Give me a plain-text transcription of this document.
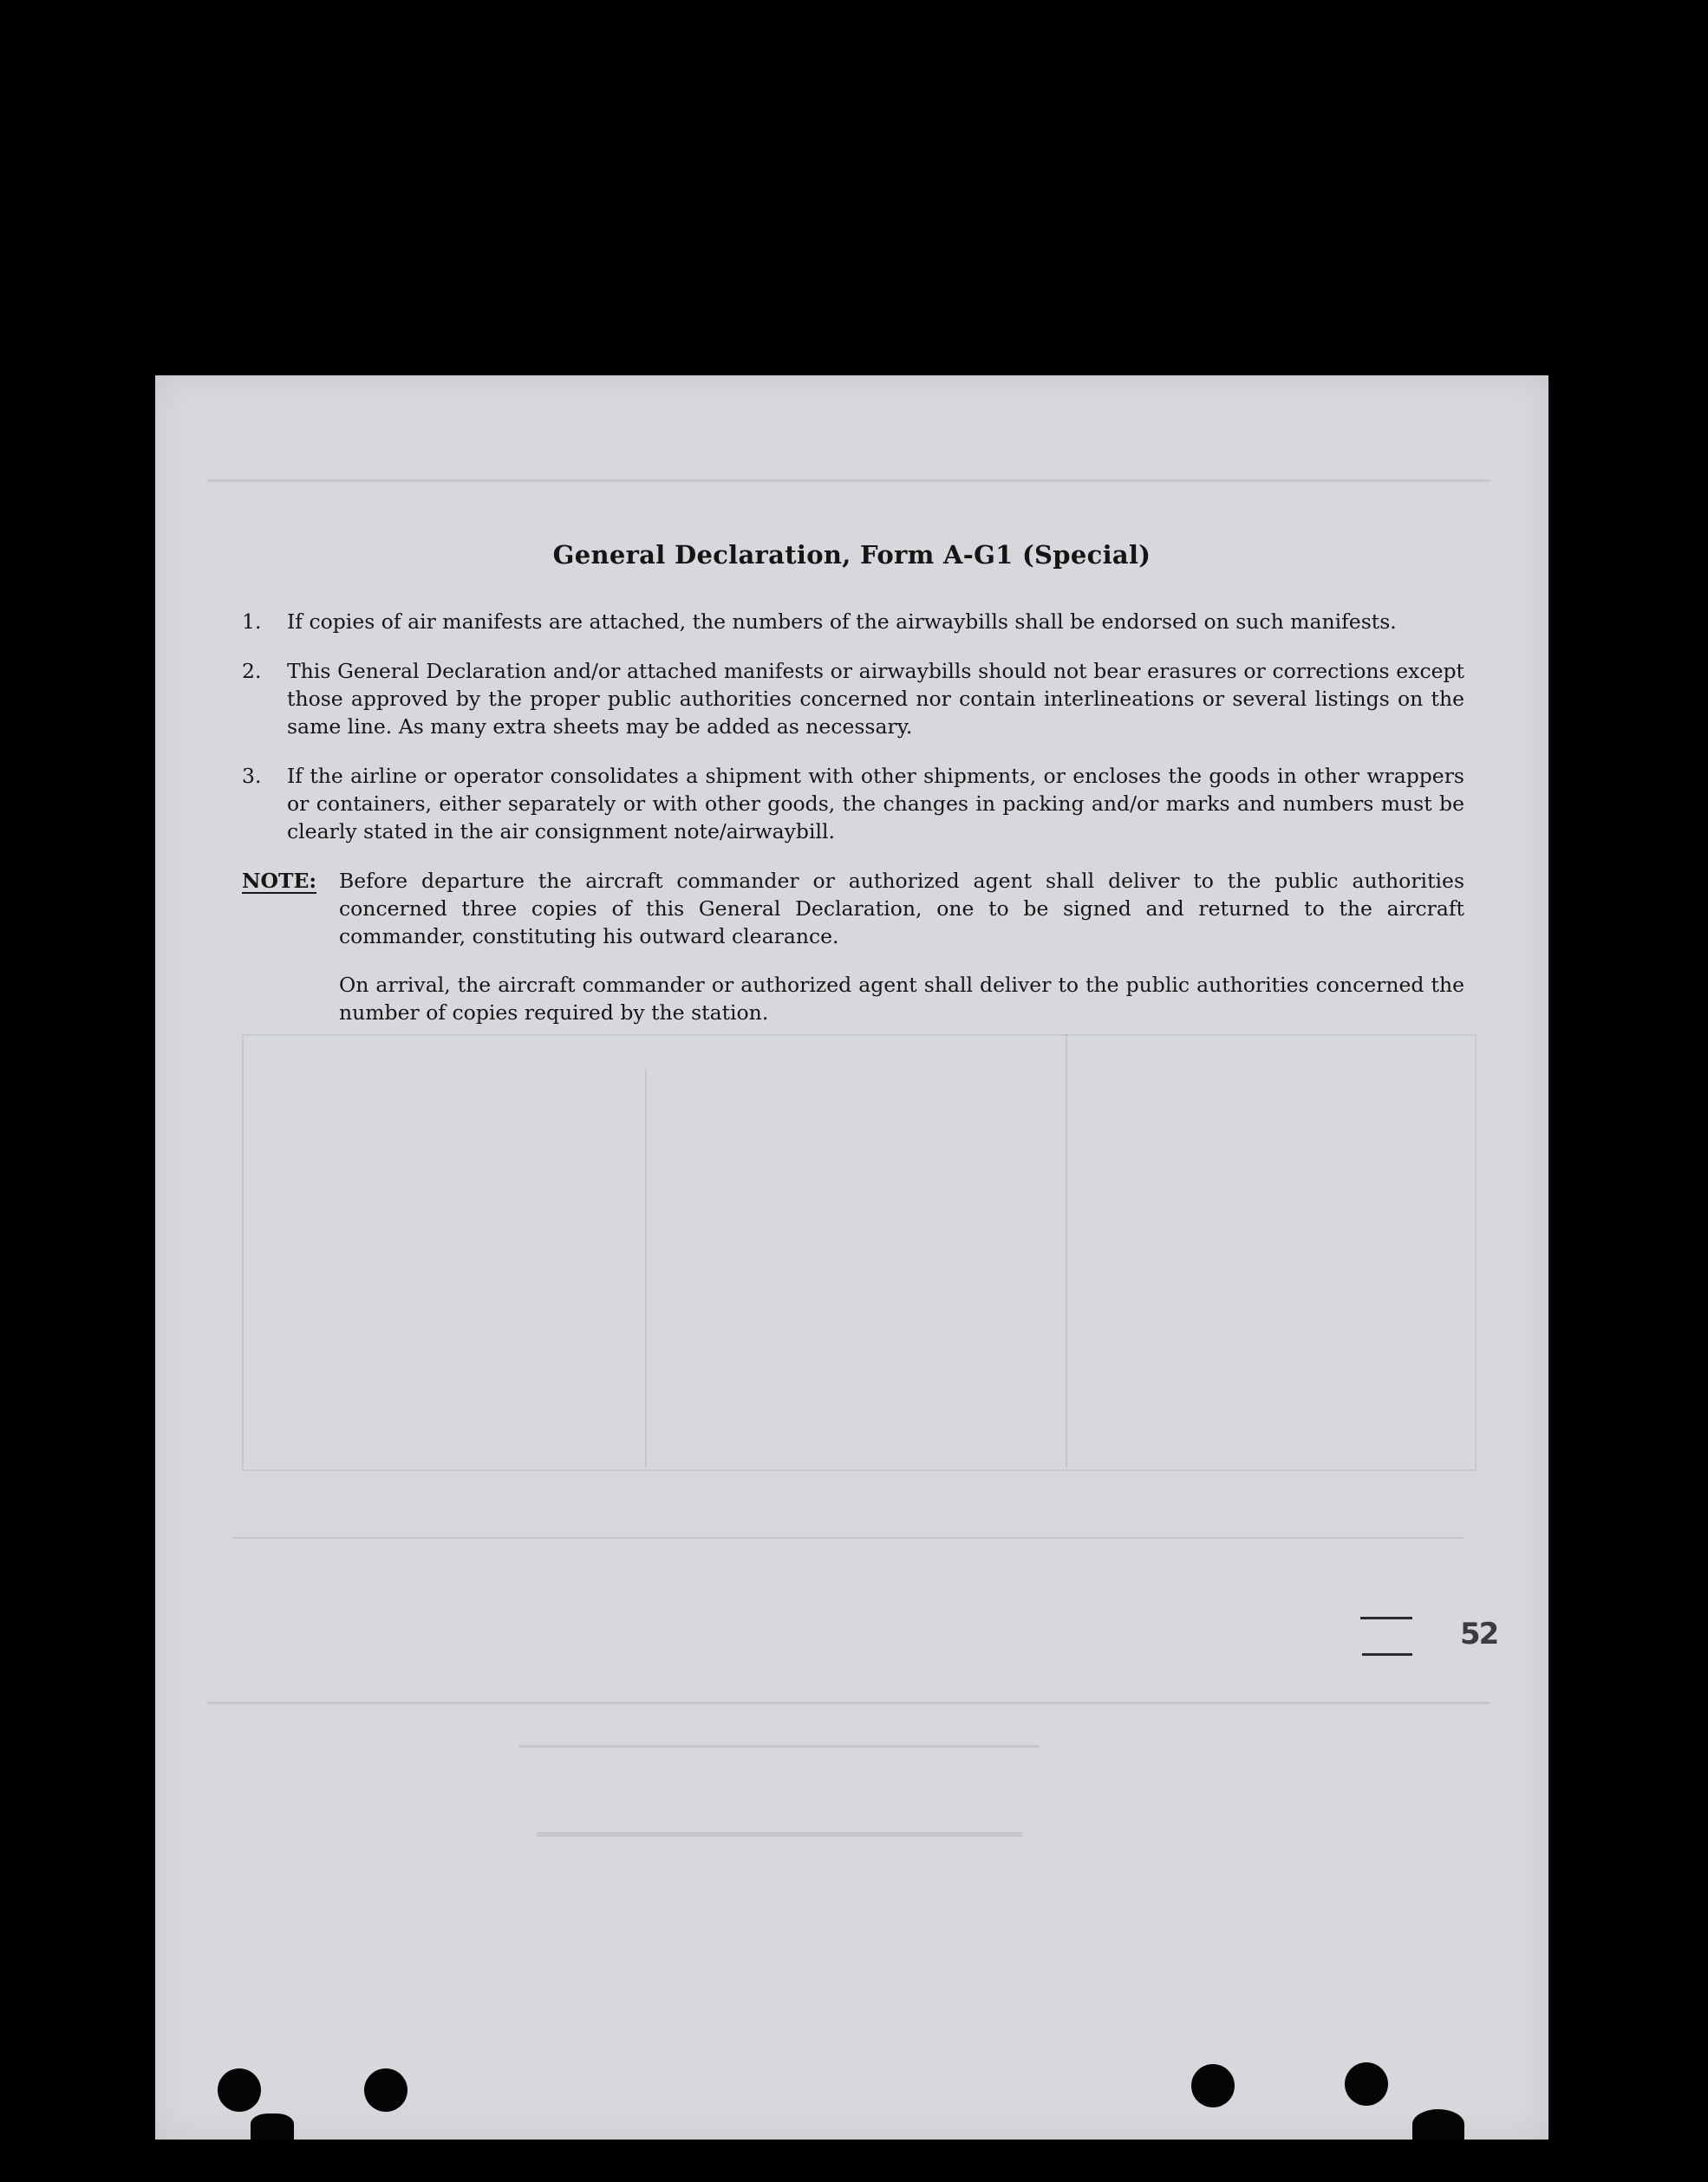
General Declaration, Form A-G1 (Special)
1.	If copies of air manifests are attached, the numbers of the airwaybills shall be endorsed on such manifests.
2.	This General Declaration and/or attached manifests or airwaybills should not bear erasures or corrections except those approved by the proper public authorities concerned nor contain interlineations or several listings on the same line. As many extra sheets may be added as necessary.
3.	If the airline or operator consolidates a shipment with other shipments, or encloses the goods in other wrappers or containers, either separately or with other goods, the changes in packing and/or marks and numbers must be clearly stated in the air consignment note/airwaybill.
NOTE: Before departure the aircraft commander or authorized agent shall deliver to the public authorities concerned three copies of this General Declaration, one to be signed and returned to the aircraft commander, constituting his outward clearance.
On arrival, the aircraft commander or authorized agent shall deliver to the public authorities concerned the number of copies required by the station.
52
